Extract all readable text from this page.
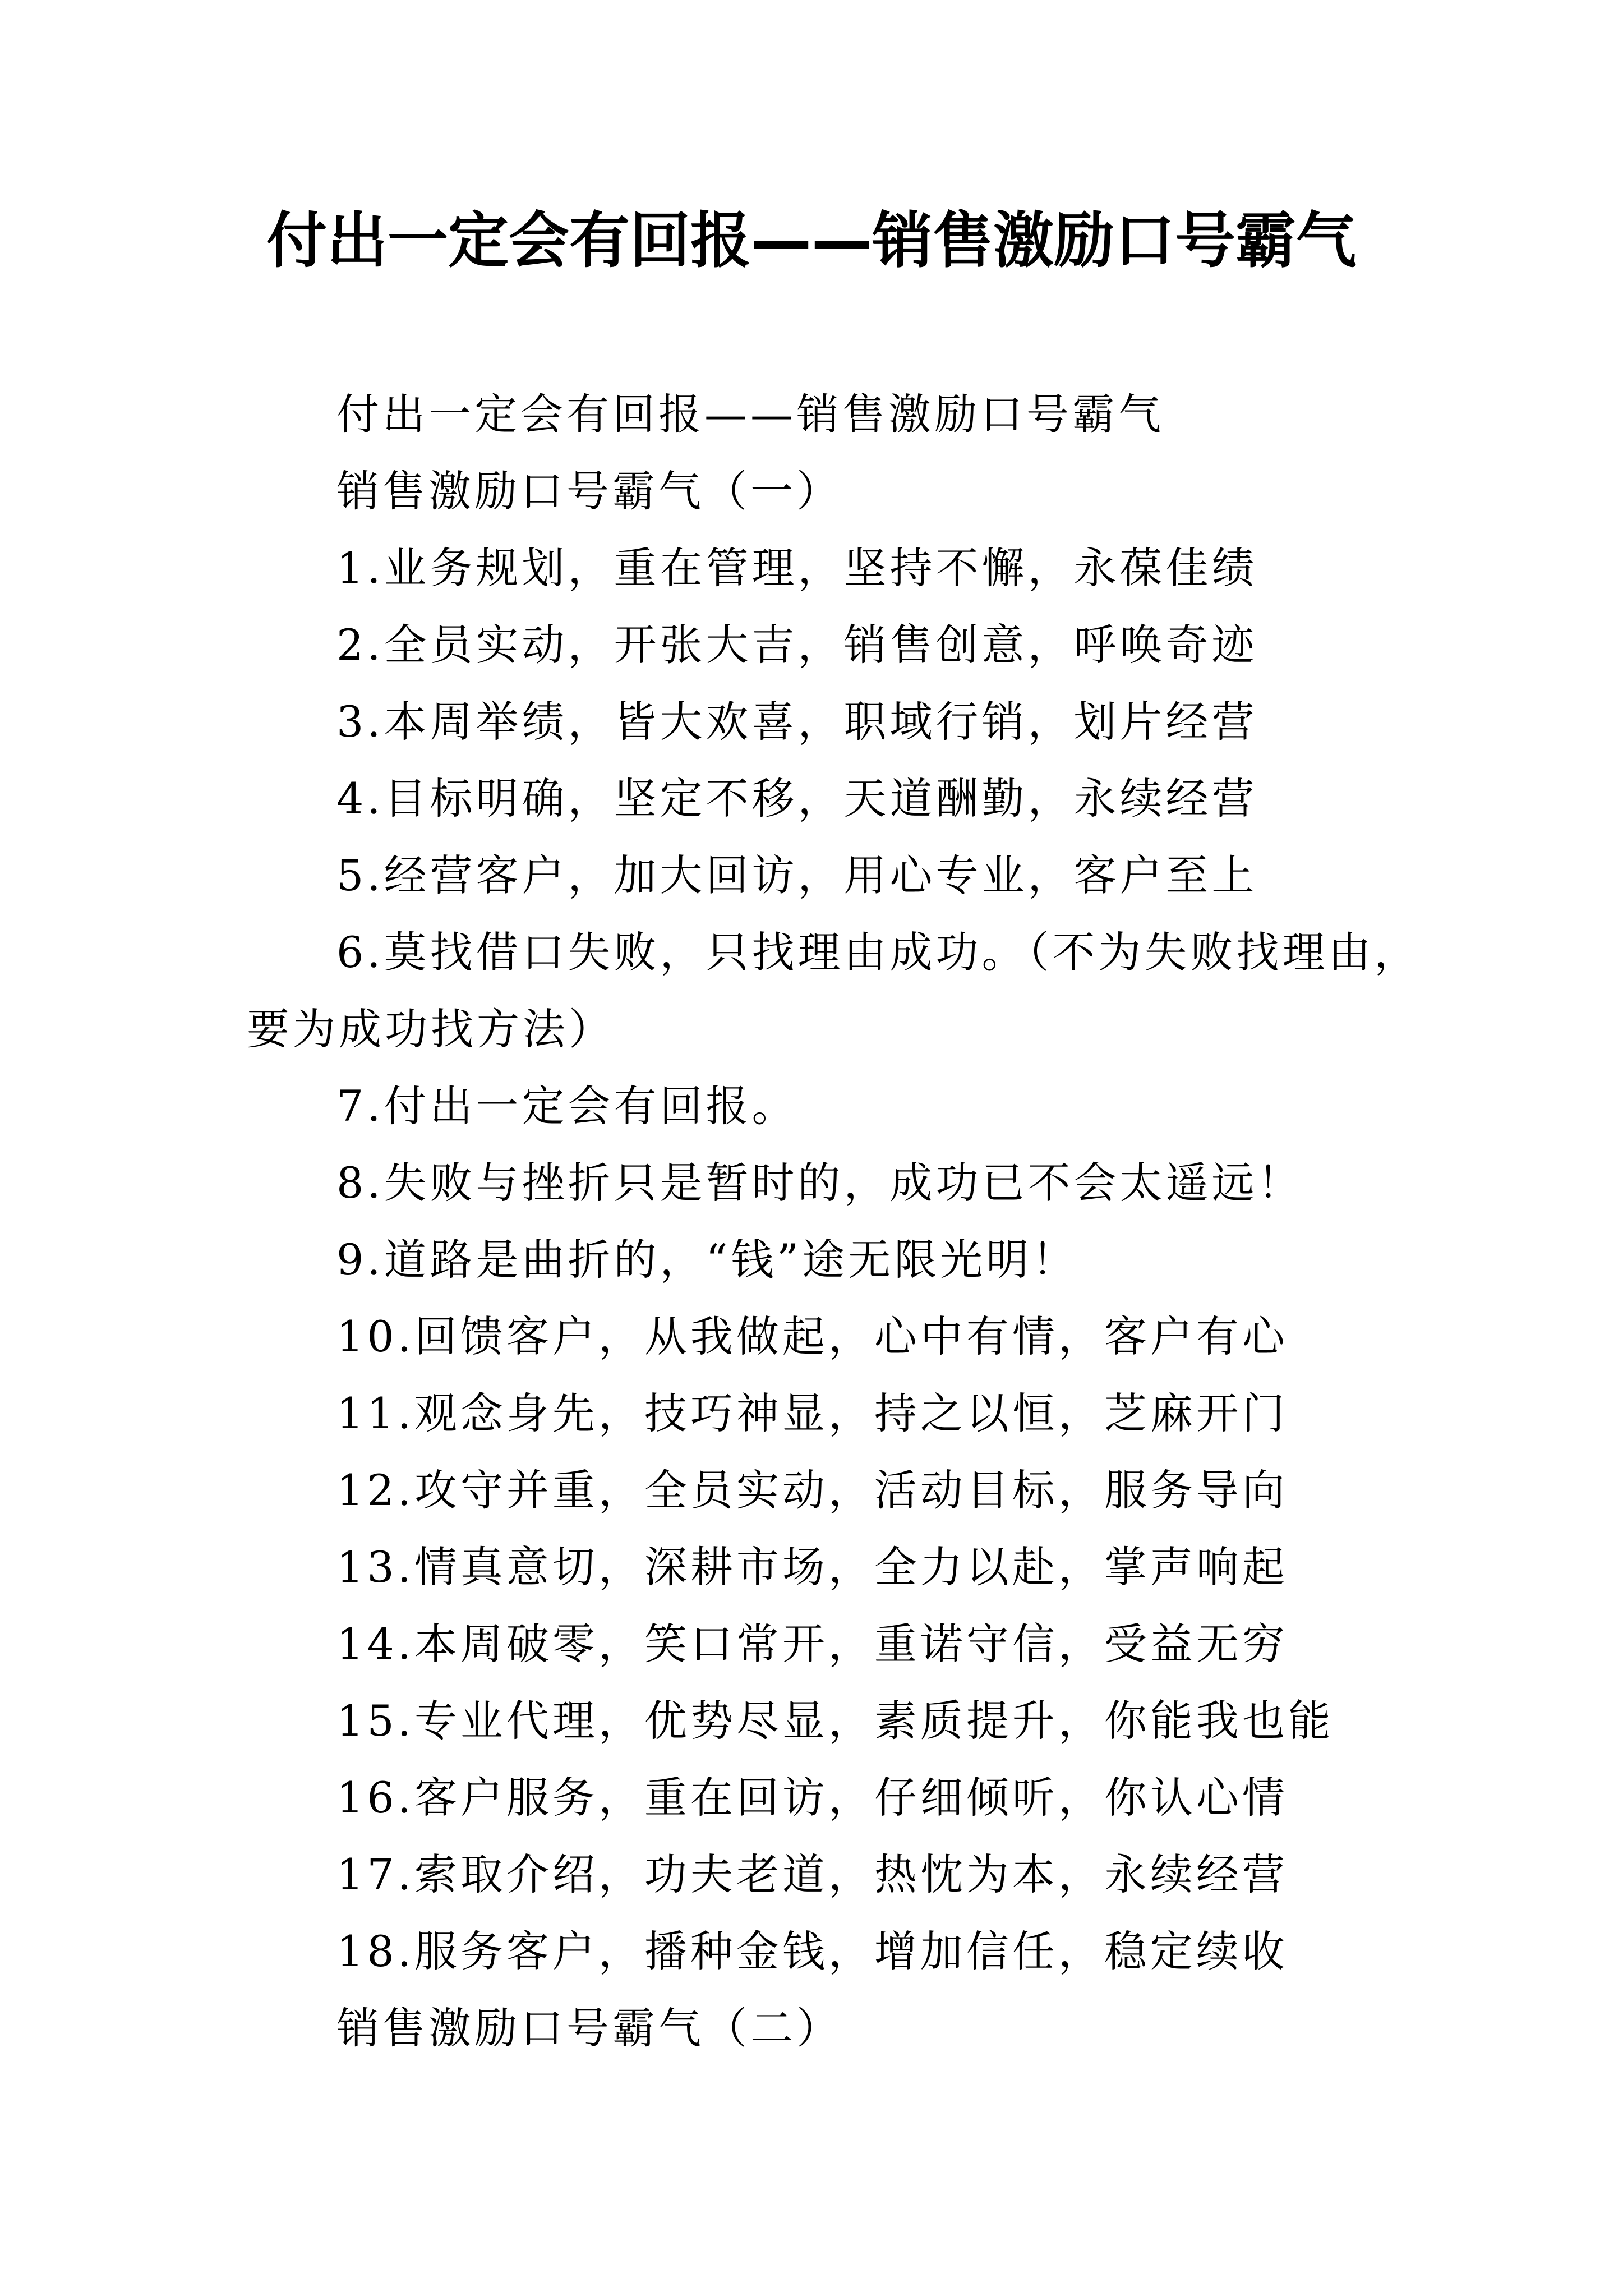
付出一定会有回报——销售激励口号霸气
付出一定会有回报——销售激励口号霸气
销售激励口号霸气（一）
1.业务规划，重在管理，坚持不懈，永葆佳绩
2.全员实动，开张大吉，销售创意，呼唤奇迹
3.本周举绩，皆大欢喜，职域行销，划片经营
4.目标明确，坚定不移，天道酬勤，永续经营
5.经营客户，加大回访，用心专业，客户至上
6.莫找借口失败，只找理由成功。（不为失败找理由，
要为成功找方法）
7.付出一定会有回报。
8.失败与挫折只是暂时的，成功已不会太遥远！
9.道路是曲折的，“钱”途无限光明！
10.回馈客户，从我做起，心中有情，客户有心
11.观念身先，技巧神显，持之以恒，芝麻开门
12.攻守并重，全员实动，活动目标，服务导向
13.情真意切，深耕市场，全力以赴，掌声响起
14.本周破零，笑口常开，重诺守信，受益无穷
15.专业代理，优势尽显，素质提升，你能我也能
16.客户服务，重在回访，仔细倾听，你认心情
17.索取介绍，功夫老道，热忱为本，永续经营
18.服务客户，播种金钱，增加信任，稳定续收
销售激励口号霸气（二）
